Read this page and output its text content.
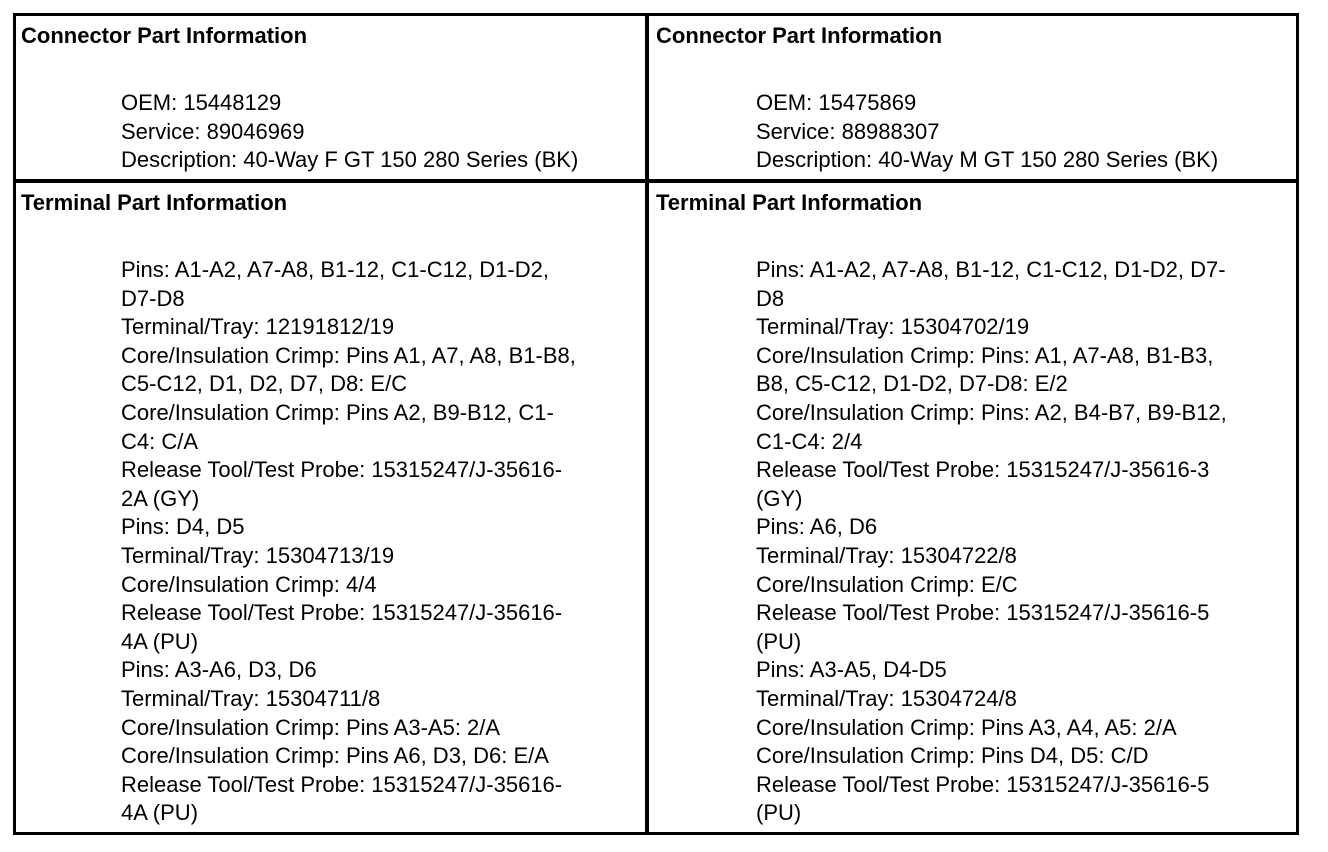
Connector Part Information
OEM: 15448129
Service: 89046969
Description: 40-Way F GT 150 280 Series (BK)
Connector Part Information
OEM: 15475869
Service: 88988307
Description: 40-Way M GT 150 280 Series (BK)
Terminal Part Information
Pins: A1-A2, A7-A8, B1-12, C1-C12, D1-D2,
D7-D8
Terminal/Tray: 12191812/19
Core/Insulation Crimp: Pins A1, A7, A8, B1-B8,
C5-C12, D1, D2, D7, D8: E/C
Core/Insulation Crimp: Pins A2, B9-B12, C1-
C4: C/A
Release Tool/Test Probe: 15315247/J-35616-
2A (GY)
Pins: D4, D5
Terminal/Tray: 15304713/19
Core/Insulation Crimp: 4/4
Release Tool/Test Probe: 15315247/J-35616-
4A (PU)
Pins: A3-A6, D3, D6
Terminal/Tray: 15304711/8
Core/Insulation Crimp: Pins A3-A5: 2/A
Core/Insulation Crimp: Pins A6, D3, D6: E/A
Release Tool/Test Probe: 15315247/J-35616-
4A (PU)
Terminal Part Information
Pins: A1-A2, A7-A8, B1-12, C1-C12, D1-D2, D7-
D8
Terminal/Tray: 15304702/19
Core/Insulation Crimp: Pins: A1, A7-A8, B1-B3,
B8, C5-C12, D1-D2, D7-D8: E/2
Core/Insulation Crimp: Pins: A2, B4-B7, B9-B12,
C1-C4: 2/4
Release Tool/Test Probe: 15315247/J-35616-3
(GY)
Pins: A6, D6
Terminal/Tray: 15304722/8
Core/Insulation Crimp: E/C
Release Tool/Test Probe: 15315247/J-35616-5
(PU)
Pins: A3-A5, D4-D5
Terminal/Tray: 15304724/8
Core/Insulation Crimp: Pins A3, A4, A5: 2/A
Core/Insulation Crimp: Pins D4, D5: C/D
Release Tool/Test Probe: 15315247/J-35616-5
(PU)
